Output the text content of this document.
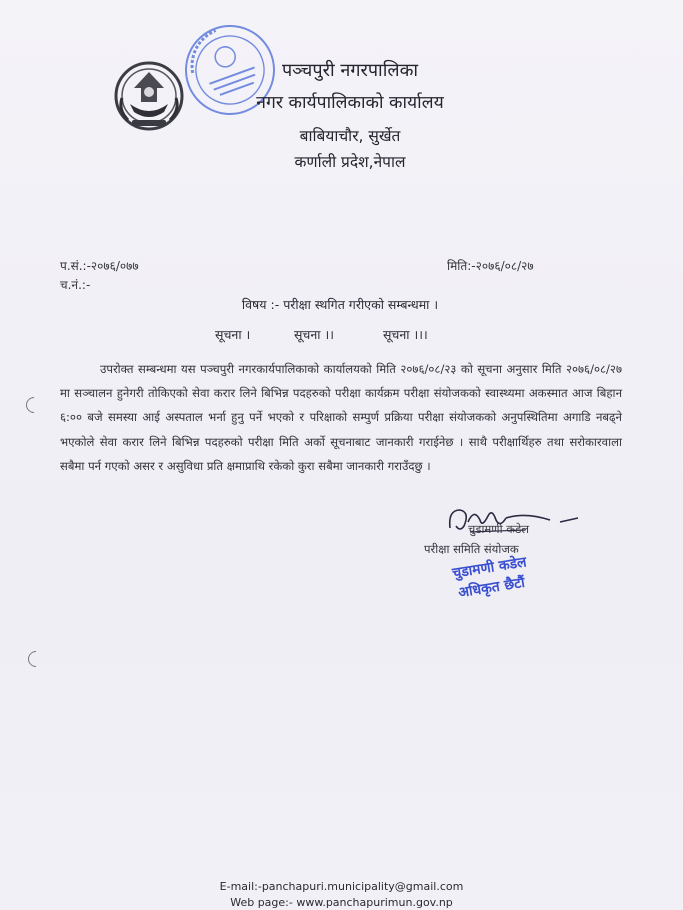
पञ्चपुरी नगरपालिका
नगर कार्यपालिकाको कार्यालय
बाबियाचौर, सुर्खेत
कर्णाली प्रदेश,नेपाल
प.सं.:-२०७६/०७७
च.नं.:-
मिति:-२०७६/०८/२७
विषय :- परीक्षा स्थगित गरीएको सम्बन्धमा ।
सूचना ।	सूचना ।।	सूचना ।।।
उपरोक्त सम्बन्धमा यस पञ्चपुरी नगरकार्यपालिकाको कार्यालयको मिति २०७६/०८/२३ को सूचना अनुसार मिति २०७६/०८/२७ मा सञ्चालन हुनेगरी तोकिएको सेवा करार लिने बिभिन्न पदहरुको परीक्षा कार्यक्रम परीक्षा संयोजकको स्वास्थ्यमा अकस्मात आज बिहान ६:०० बजे समस्या आई अस्पताल भर्ना हुनु पर्ने भएको र परिक्षाको सम्पुर्ण प्रक्रिया परीक्षा संयोजकको अनुपस्थितिमा अगाडि नबढ्ने भएकोले सेवा करार लिने बिभिन्न पदहरुको परीक्षा मिति अर्को सूचनाबाट जानकारी गराईनेछ । साथै परीक्षार्थिहरु तथा सरोकारवाला सबैमा पर्न गएको असर र असुविधा प्रति क्षमाप्राथि रकेको कुरा सबैमा जानकारी गराउँदछु ।
चुडामणी कडेल
परीक्षा समिति संयोजक
चुडामणी कडेल
अधिकृत छैटौं
E-mail:-panchapuri.municipality@gmail.com
Web page:- www.panchapurimun.gov.np
